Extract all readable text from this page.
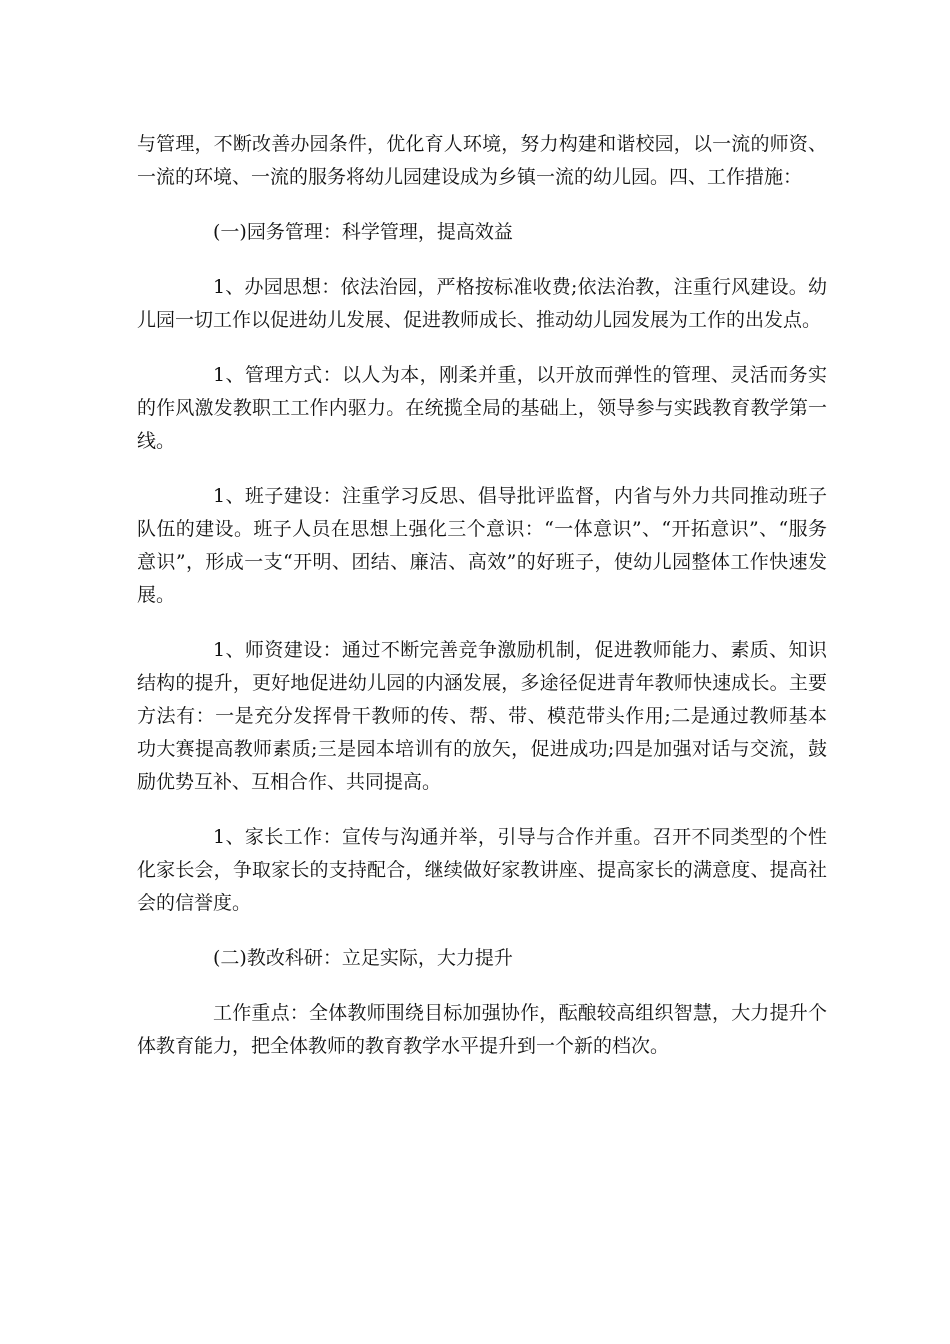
与管理，不断改善办园条件，优化育人环境，努力构建和谐校园，以一流的师资、一流的环境、一流的服务将幼儿园建设成为乡镇一流的幼儿园。四、工作措施：

(一)园务管理：科学管理，提高效益

1、办园思想：依法治园，严格按标准收费;依法治教，注重行风建设。幼儿园一切工作以促进幼儿发展、促进教师成长、推动幼儿园发展为工作的出发点。

1、管理方式：以人为本，刚柔并重，以开放而弹性的管理、灵活而务实的作风激发教职工工作内驱力。在统揽全局的基础上，领导参与实践教育教学第一线。

1、班子建设：注重学习反思、倡导批评监督，内省与外力共同推动班子队伍的建设。班子人员在思想上强化三个意识：“一体意识”、“开拓意识”、“服务意识”，形成一支“开明、团结、廉洁、高效”的好班子，使幼儿园整体工作快速发展。

1、师资建设：通过不断完善竞争激励机制，促进教师能力、素质、知识结构的提升，更好地促进幼儿园的内涵发展，多途径促进青年教师快速成长。主要方法有：一是充分发挥骨干教师的传、帮、带、模范带头作用;二是通过教师基本功大赛提高教师素质;三是园本培训有的放矢，促进成功;四是加强对话与交流，鼓励优势互补、互相合作、共同提高。

1、家长工作：宣传与沟通并举，引导与合作并重。召开不同类型的个性化家长会，争取家长的支持配合，继续做好家教讲座、提高家长的满意度、提高社会的信誉度。

(二)教改科研：立足实际，大力提升

工作重点：全体教师围绕目标加强协作，酝酿较高组织智慧，大力提升个体教育能力，把全体教师的教育教学水平提升到一个新的档次。
